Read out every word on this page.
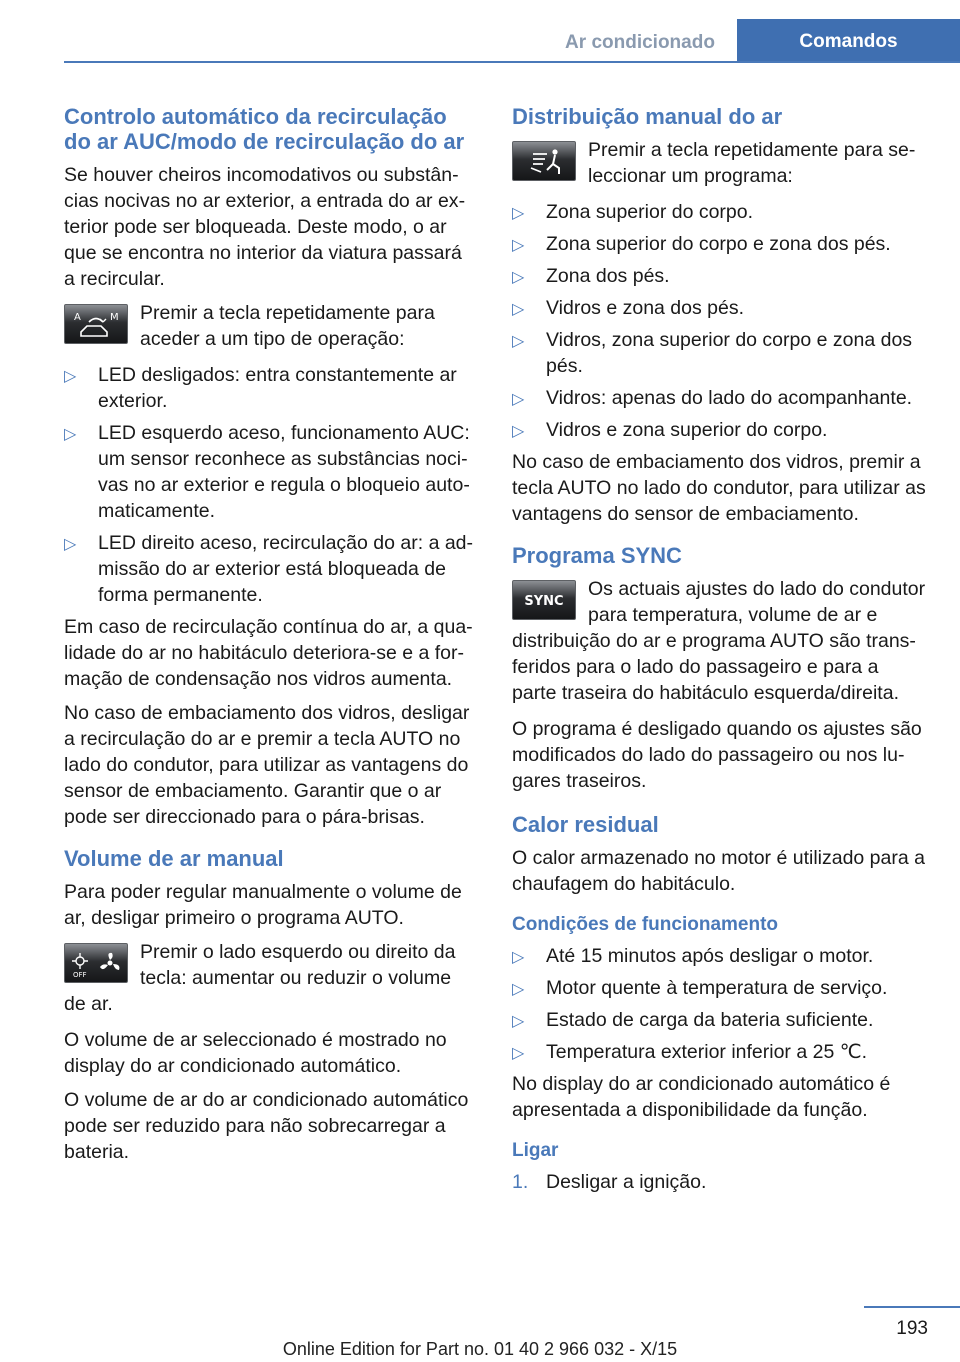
Ar condicionado	Comandos
Controlo automático da recirculação do ar AUC/modo de recirculação do ar

Se houver cheiros incomodativos ou substâncias nocivas no ar exterior, a entrada do ar exterior pode ser bloqueada. Deste modo, o ar que se encontra no interior da viatura passará a recircular.

A	M	Premir a tecla repetidamente para aceder a um tipo de operação:
▷ LED desligados: entra constantemente ar exterior.
▷ LED esquerdo aceso, funcionamento AUC: um sensor reconhece as substâncias nocivas no ar exterior e regula o bloqueio automaticamente.
▷ LED direito aceso, recirculação do ar: a admissão do ar exterior está bloqueada de forma permanente.

Em caso de recirculação contínua do ar, a qualidade do ar no habitáculo deteriora-se e a formação de condensação nos vidros aumenta.

No caso de embaciamento dos vidros, desligar a recirculação do ar e premir a tecla AUTO no lado do condutor, para utilizar as vantagens do sensor de embaciamento. Garantir que o ar pode ser direccionado para o pára-brisas.

Volume de ar manual

Para poder regular manualmente o volume de ar, desligar primeiro o programa AUTO.

OFF
Premir o lado esquerdo ou direito da tecla: aumentar ou reduzir o volume de ar.

O volume de ar seleccionado é mostrado no display do ar condicionado automático.

O volume de ar do ar condicionado automático pode ser reduzido para não sobrecarregar a bateria.

Distribuição manual do ar
Premir a tecla repetidamente para seleccionar um programa:
▷ Zona superior do corpo.
▷ Zona superior do corpo e zona dos pés.
▷ Zona dos pés.
▷ Vidros e zona dos pés.
▷ Vidros, zona superior do corpo e zona dos pés.
▷ Vidros: apenas do lado do acompanhante.
▷ Vidros e zona superior do corpo.

No caso de embaciamento dos vidros, premir a tecla AUTO no lado do condutor, para utilizar as vantagens do sensor de embaciamento.

Programa SYNC
SYNC
Os actuais ajustes do lado do condutor para temperatura, volume de ar e distribuição do ar e programa AUTO são transferidos para o lado do passageiro e para a parte traseira do habitáculo esquerda/direita.

O programa é desligado quando os ajustes são modificados do lado do passageiro ou nos lugares traseiros.

Calor residual

O calor armazenado no motor é utilizado para a chaufagem do habitáculo.

Condições de funcionamento
▷ Até 15 minutos após desligar o motor.
▷ Motor quente à temperatura de serviço.
▷ Estado de carga da bateria suficiente.
▷ Temperatura exterior inferior a 25 ℃.

No display do ar condicionado automático é apresentada a disponibilidade da função.

Ligar
1. Desligar a ignição.
193
Online Edition for Part no. 01 40 2 966 032 - X/15
